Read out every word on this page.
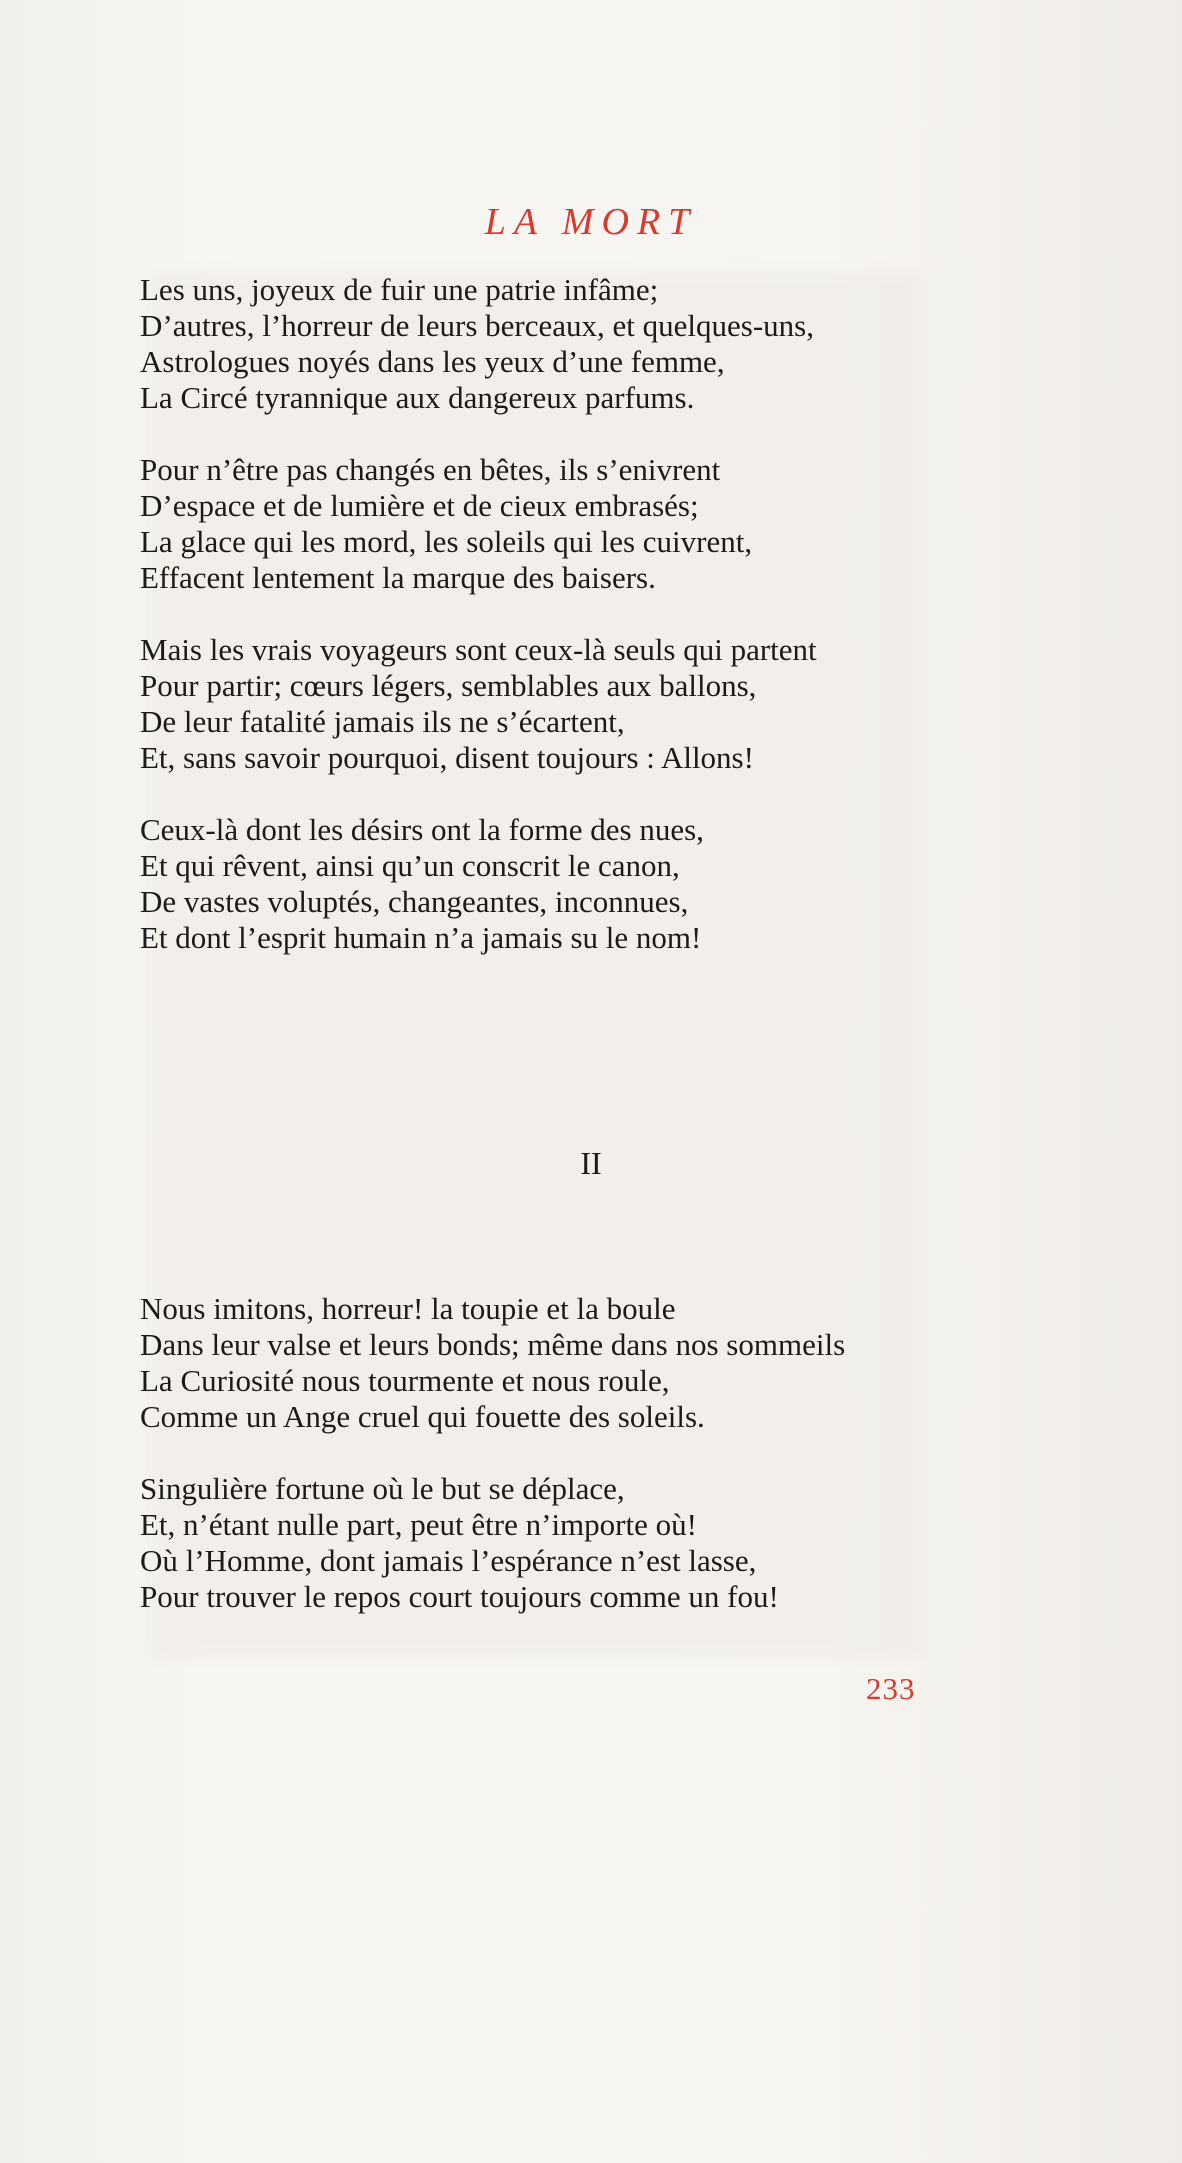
LA MORT
Les uns, joyeux de fuir une patrie infâme;
D’autres, l’horreur de leurs berceaux, et quelques-uns,
Astrologues noyés dans les yeux d’une femme,
La Circé tyrannique aux dangereux parfums.
Pour n’être pas changés en bêtes, ils s’enivrent
D’espace et de lumière et de cieux embrasés;
La glace qui les mord, les soleils qui les cuivrent,
Effacent lentement la marque des baisers.
Mais les vrais voyageurs sont ceux-là seuls qui partent
Pour partir; cœurs légers, semblables aux ballons,
De leur fatalité jamais ils ne s’écartent,
Et, sans savoir pourquoi, disent toujours : Allons!
Ceux-là dont les désirs ont la forme des nues,
Et qui rêvent, ainsi qu’un conscrit le canon,
De vastes voluptés, changeantes, inconnues,
Et dont l’esprit humain n’a jamais su le nom!
II
Nous imitons, horreur! la toupie et la boule
Dans leur valse et leurs bonds; même dans nos sommeils
La Curiosité nous tourmente et nous roule,
Comme un Ange cruel qui fouette des soleils.
Singulière fortune où le but se déplace,
Et, n’étant nulle part, peut être n’importe où!
Où l’Homme, dont jamais l’espérance n’est lasse,
Pour trouver le repos court toujours comme un fou!
233
